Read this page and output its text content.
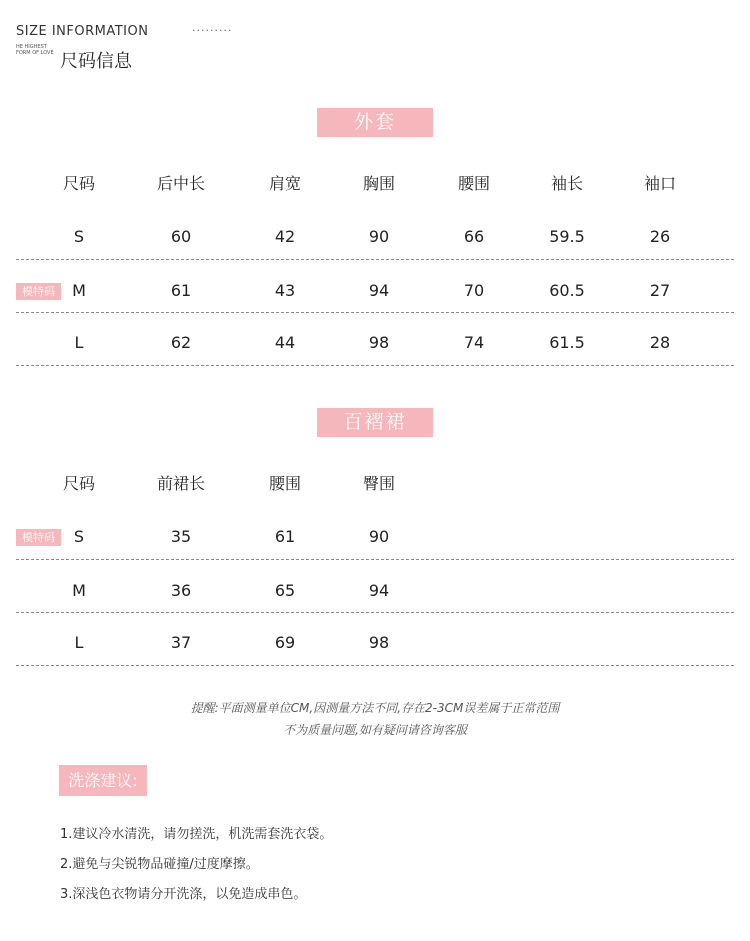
SIZE INFORMATION	·········
HE HIGHEST
FORM OF LOVE 尺码信息
外套
尺码	后中长	肩宽	胸围	腰围	袖长	袖口
S	60	42	90	66	59.5	26
模特码	M	61	43	94	70	60.5	27
L	62	44	98	74	61.5	28
百褶裙
尺码	前裙长	腰围	臀围
模特码	S	35	61	90
M	36	65	94
L	37	69	98
提醒:平面测量单位CM,因测量方法不同,存在2-3CM误差属于正常范围
不为质量问题,如有疑问请咨询客服
洗涤建议:
1.建议冷水清洗，请勿搓洗，机洗需套洗衣袋。
2.避免与尖锐物品碰撞/过度摩擦。
3.深浅色衣物请分开洗涤，以免造成串色。
